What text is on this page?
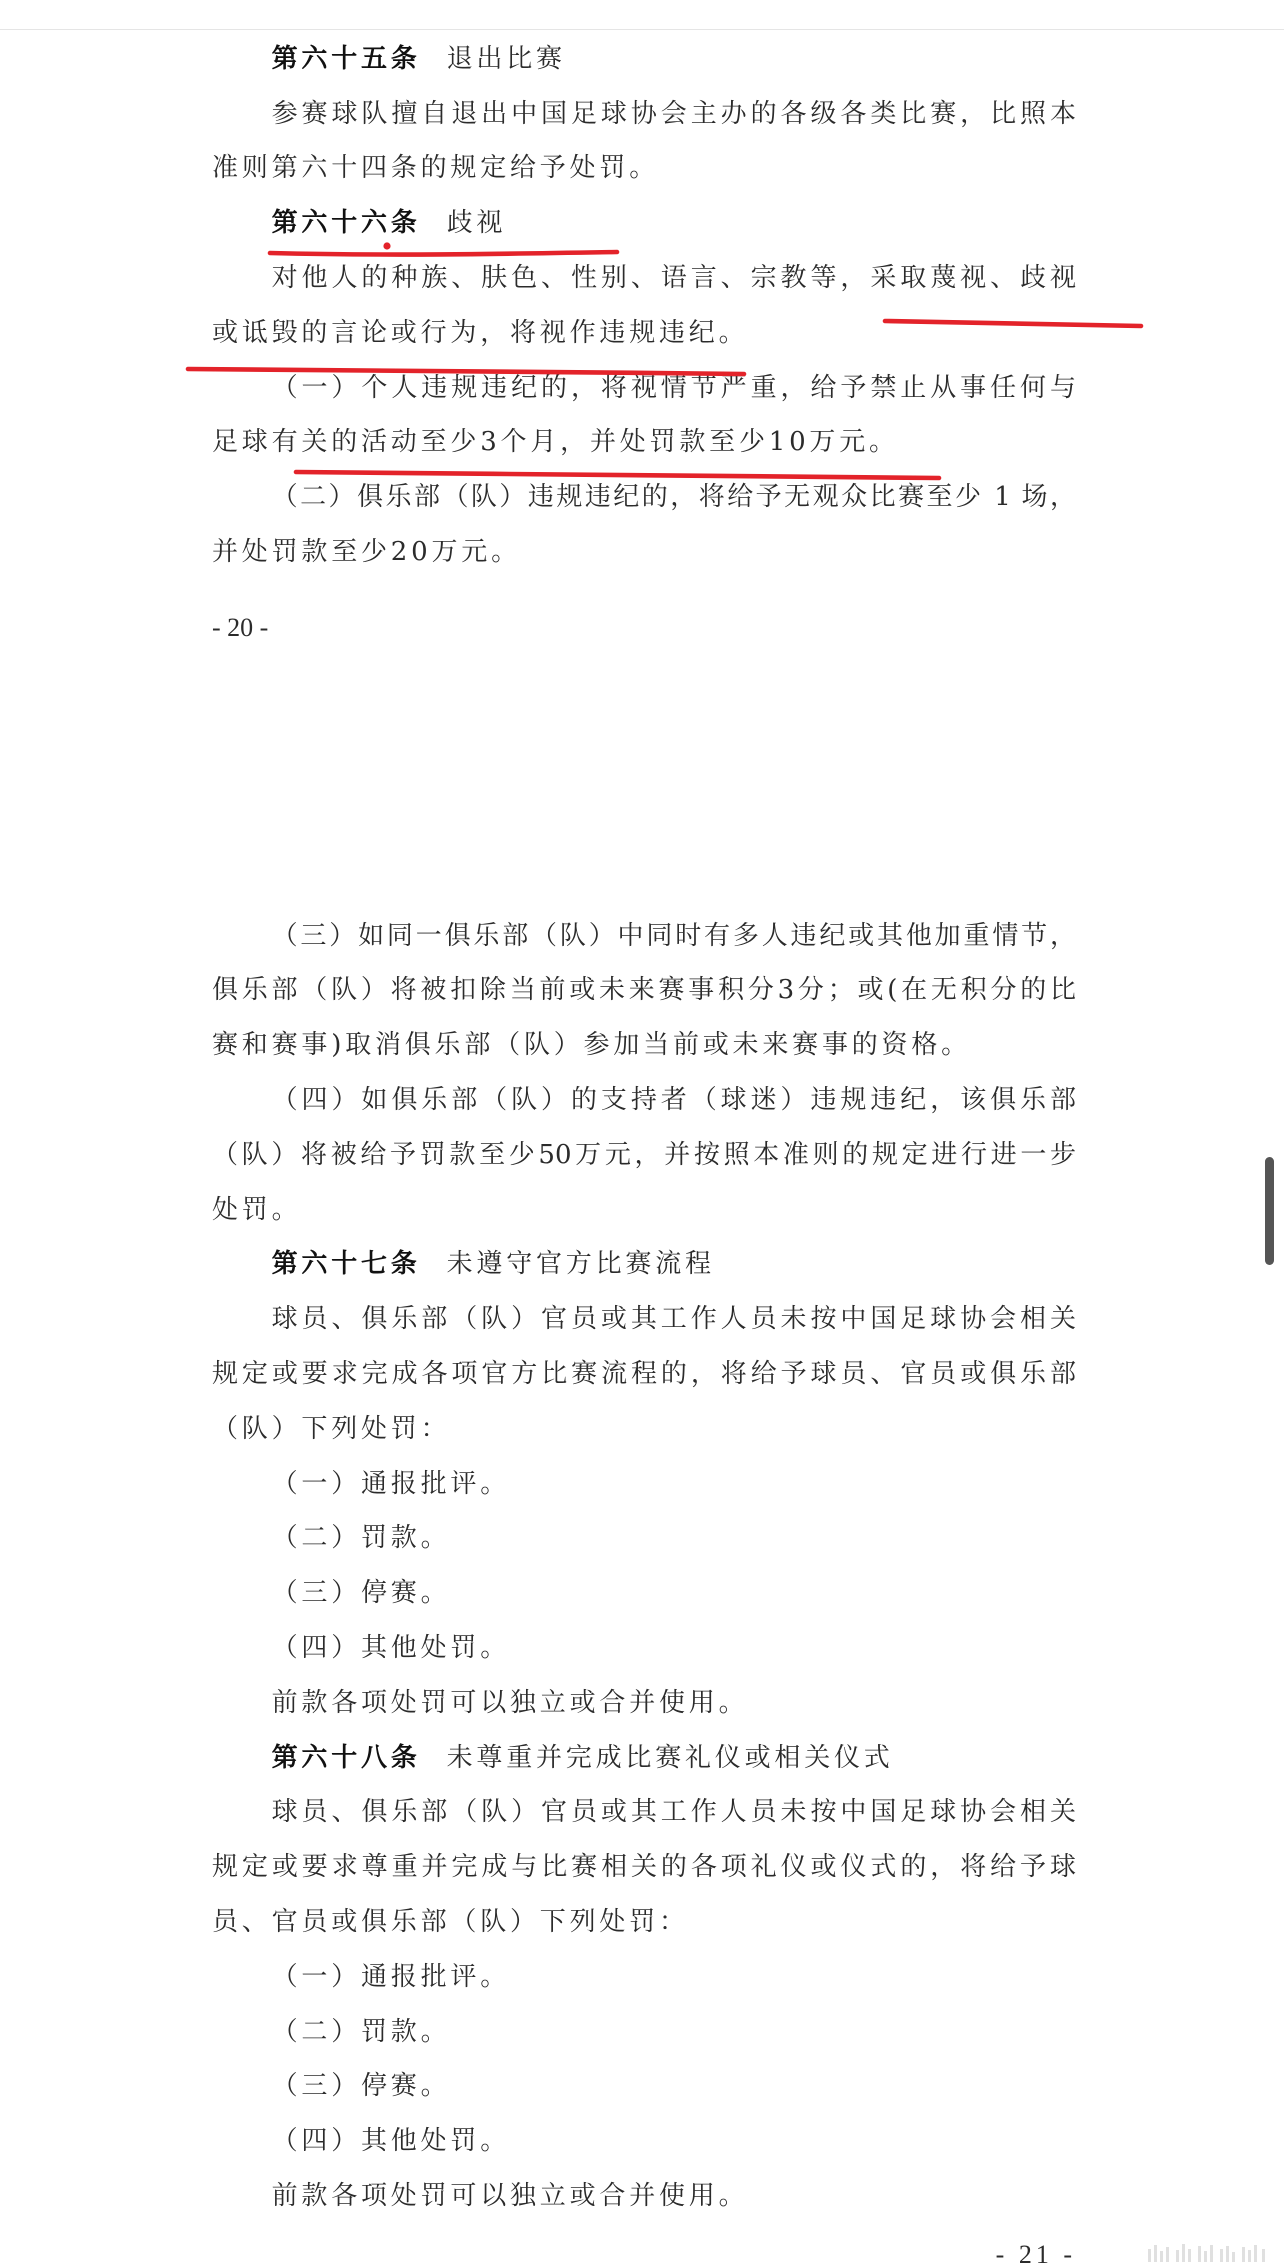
第六十五条 退出比赛
参赛球队擅自退出中国足球协会主办的各级各类比赛，比照本
准则第六十四条的规定给予处罚。
第六十六条 歧视
对他人的种族、肤色、性别、语言、宗教等，采取蔑视、歧视
或诋毁的言论或行为，将视作违规违纪。
（一）个人违规违纪的，将视情节严重，给予禁止从事任何与
足球有关的活动至少3个月，并处罚款至少10万元。
（二）俱乐部（队）违规违纪的，将给予无观众比赛至少 1 场，
并处罚款至少20万元。
- 20 -
（三）如同一俱乐部（队）中同时有多人违纪或其他加重情节，
俱乐部（队）将被扣除当前或未来赛事积分3分；或(在无积分的比
赛和赛事)取消俱乐部（队）参加当前或未来赛事的资格。
（四）如俱乐部（队）的支持者（球迷）违规违纪，该俱乐部
（队）将被给予罚款至少50万元，并按照本准则的规定进行进一步
处罚。
第六十七条 未遵守官方比赛流程
球员、俱乐部（队）官员或其工作人员未按中国足球协会相关
规定或要求完成各项官方比赛流程的，将给予球员、官员或俱乐部
（队）下列处罚：
（一）通报批评。
（二）罚款。
（三）停赛。
（四）其他处罚。
前款各项处罚可以独立或合并使用。
第六十八条 未尊重并完成比赛礼仪或相关仪式
球员、俱乐部（队）官员或其工作人员未按中国足球协会相关
规定或要求尊重并完成与比赛相关的各项礼仪或仪式的，将给予球
员、官员或俱乐部（队）下列处罚：
（一）通报批评。
（二）罚款。
（三）停赛。
（四）其他处罚。
前款各项处罚可以独立或合并使用。
- 21 -
